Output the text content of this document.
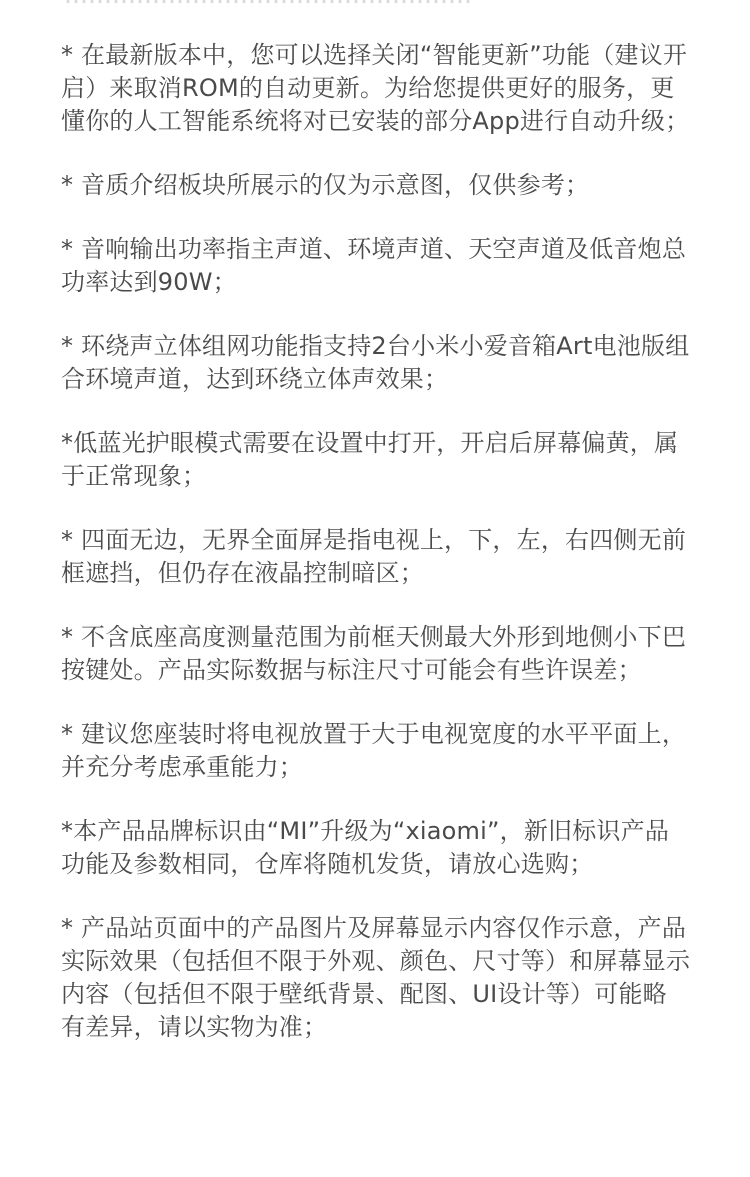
* 在最新版本中，您可以选择关闭“智能更新”功能（建议开启）来取消ROM的自动更新。为给您提供更好的服务，更懂你的人工智能系统将对已安装的部分App进行自动升级；
* 音质介绍板块所展示的仅为示意图，仅供参考；
* 音响输出功率指主声道、环境声道、天空声道及低音炮总功率达到90W；
* 环绕声立体组网功能指支持2台小米小爱音箱Art电池版组合环境声道，达到环绕立体声效果；
*低蓝光护眼模式需要在设置中打开，开启后屏幕偏黄，属于正常现象；
* 四面无边，无界全面屏是指电视上，下，左，右四侧无前框遮挡，但仍存在液晶控制暗区；
* 不含底座高度测量范围为前框天侧最大外形到地侧小下巴按键处。产品实际数据与标注尺寸可能会有些许误差；
* 建议您座装时将电视放置于大于电视宽度的水平平面上，并充分考虑承重能力；
*本产品品牌标识由“MI”升级为“xiaomi”，新旧标识产品功能及参数相同，仓库将随机发货，请放心选购；
* 产品站页面中的产品图片及屏幕显示内容仅作示意，产品实际效果（包括但不限于外观、颜色、尺寸等）和屏幕显示内容（包括但不限于壁纸背景、配图、UI设计等）可能略有差异，请以实物为准；
